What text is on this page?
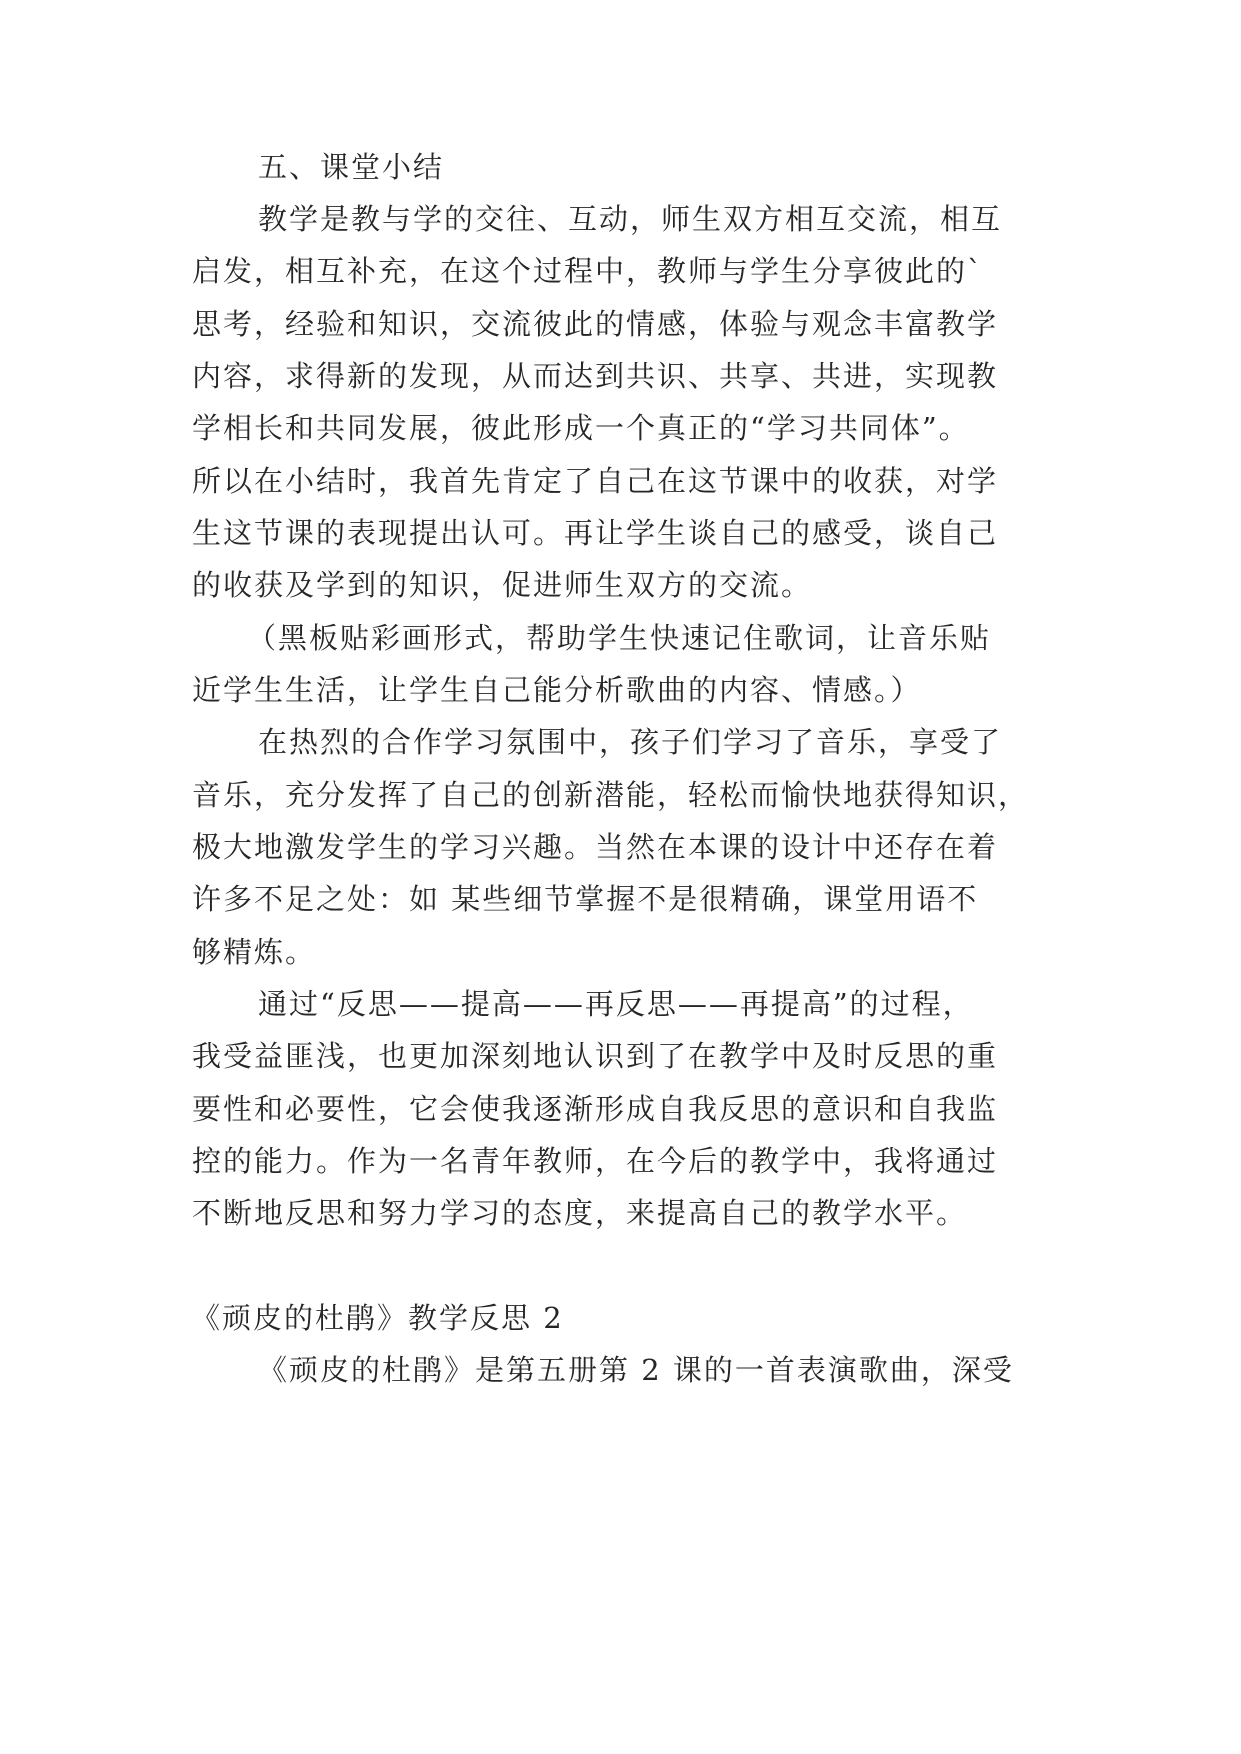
五、课堂小结
教学是教与学的交往、互动，师生双方相互交流，相互
启发，相互补充，在这个过程中，教师与学生分享彼此的`
思考，经验和知识，交流彼此的情感，体验与观念丰富教学
内容，求得新的发现，从而达到共识、共享、共进，实现教
学相长和共同发展，彼此形成一个真正的“学习共同体”。
所以在小结时，我首先肯定了自己在这节课中的收获，对学
生这节课的表现提出认可。再让学生谈自己的感受，谈自己
的收获及学到的知识，促进师生双方的交流。
（黑板贴彩画形式，帮助学生快速记住歌词，让音乐贴
近学生生活，让学生自己能分析歌曲的内容、情感。）
在热烈的合作学习氛围中，孩子们学习了音乐，享受了
音乐，充分发挥了自己的创新潜能，轻松而愉快地获得知识，
极大地激发学生的学习兴趣。当然在本课的设计中还存在着
许多不足之处：如 某些细节掌握不是很精确，课堂用语不
够精炼。
通过“反思——提高——再反思——再提高”的过程，
我受益匪浅，也更加深刻地认识到了在教学中及时反思的重
要性和必要性，它会使我逐渐形成自我反思的意识和自我监
控的能力。作为一名青年教师，在今后的教学中，我将通过
不断地反思和努力学习的态度，来提高自己的教学水平。
《顽皮的杜鹃》教学反思 2
《顽皮的杜鹃》是第五册第 2 课的一首表演歌曲，深受
